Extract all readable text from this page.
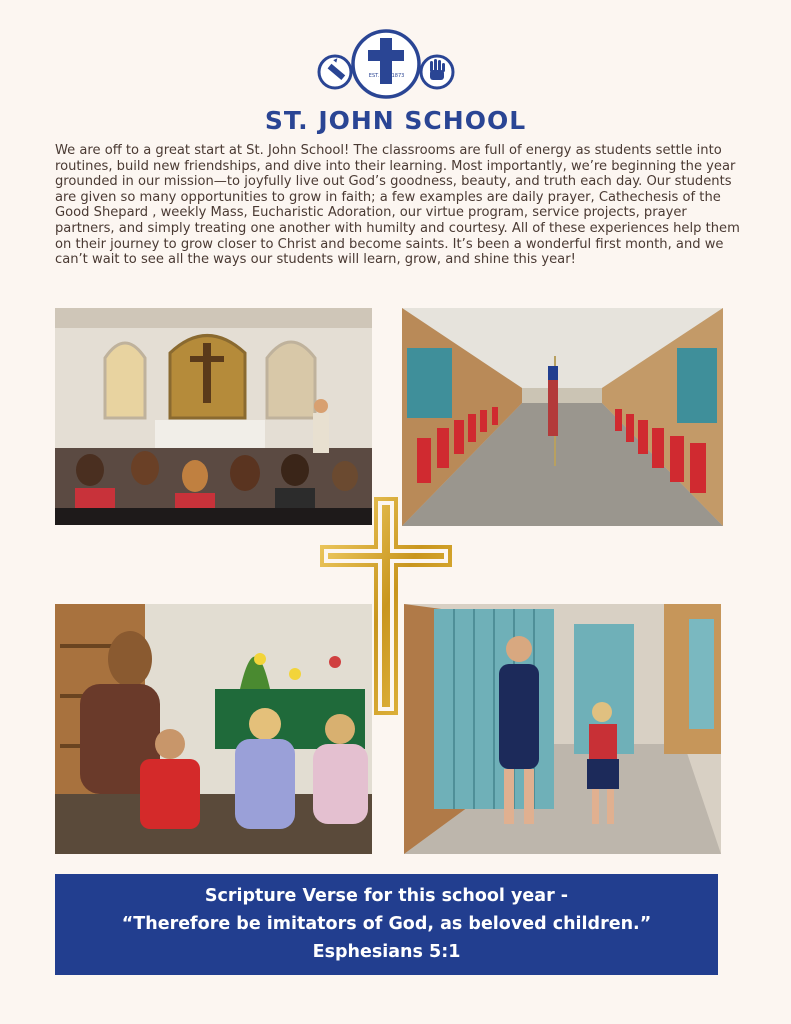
EST. 1873
ST. JOHN SCHOOL

We are off to a great start at St. John School! The classrooms are full of energy as students settle into routines, build new friendships, and dive into their learning. Most importantly, we’re beginning the year grounded in our mission—to joyfully live out God’s goodness, beauty, and truth each day. Our students are given so many opportunities to grow in faith; a few examples are daily prayer, Cathechesis of the Good Shepard , weekly Mass, Eucharistic Adoration, our virtue program, service projects, prayer partners, and simply treating one another with humilty and courtesy. All of these experiences help them on their journey to grow closer to Christ and become saints. It’s been a wonderful first month, and we can’t wait to see all the ways our students will learn, grow, and shine this year!

Scripture Verse for this school year -
“Therefore be imitators of God, as beloved children.”
Esphesians 5:1
